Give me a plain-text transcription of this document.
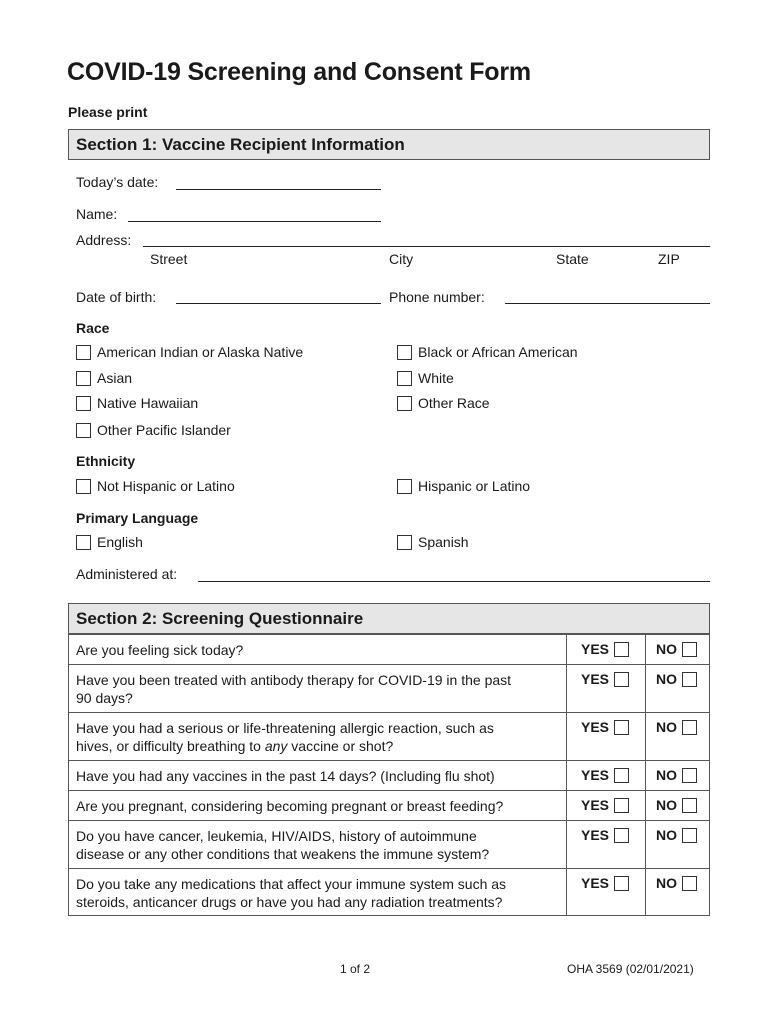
COVID-19 Screening and Consent Form
Please print
Section 1: Vaccine Recipient Information
Today’s date:
Name:
Address:
Street	City	State	ZIP
Date of birth:	Phone number:
Race
American Indian or Alaska Native	Black or African American
Asian	White
Native Hawaiian	Other Race
Other Pacific Islander
Ethnicity
Not Hispanic or Latino	Hispanic or Latino
Primary Language
English	Spanish
Administered at:
Section 2: Screening Questionnaire
Are you feeling sick today?	YES	NO
Have you been treated with antibody therapy for COVID-19 in the past
90 days?
YES	NO
Have you had a serious or life-threatening allergic reaction, such as
hives, or difficulty breathing to any vaccine or shot?
YES	NO
Have you had any vaccines in the past 14 days? (Including flu shot)	YES	NO
Are you pregnant, considering becoming pregnant or breast feeding?	YES	NO
Do you have cancer, leukemia, HIV/AIDS, history of autoimmune
disease or any other conditions that weakens the immune system?
YES	NO
Do you take any medications that affect your immune system such as
steroids, anticancer drugs or have you had any radiation treatments?
YES	NO
1 of 2	OHA 3569 (02/01/2021)
